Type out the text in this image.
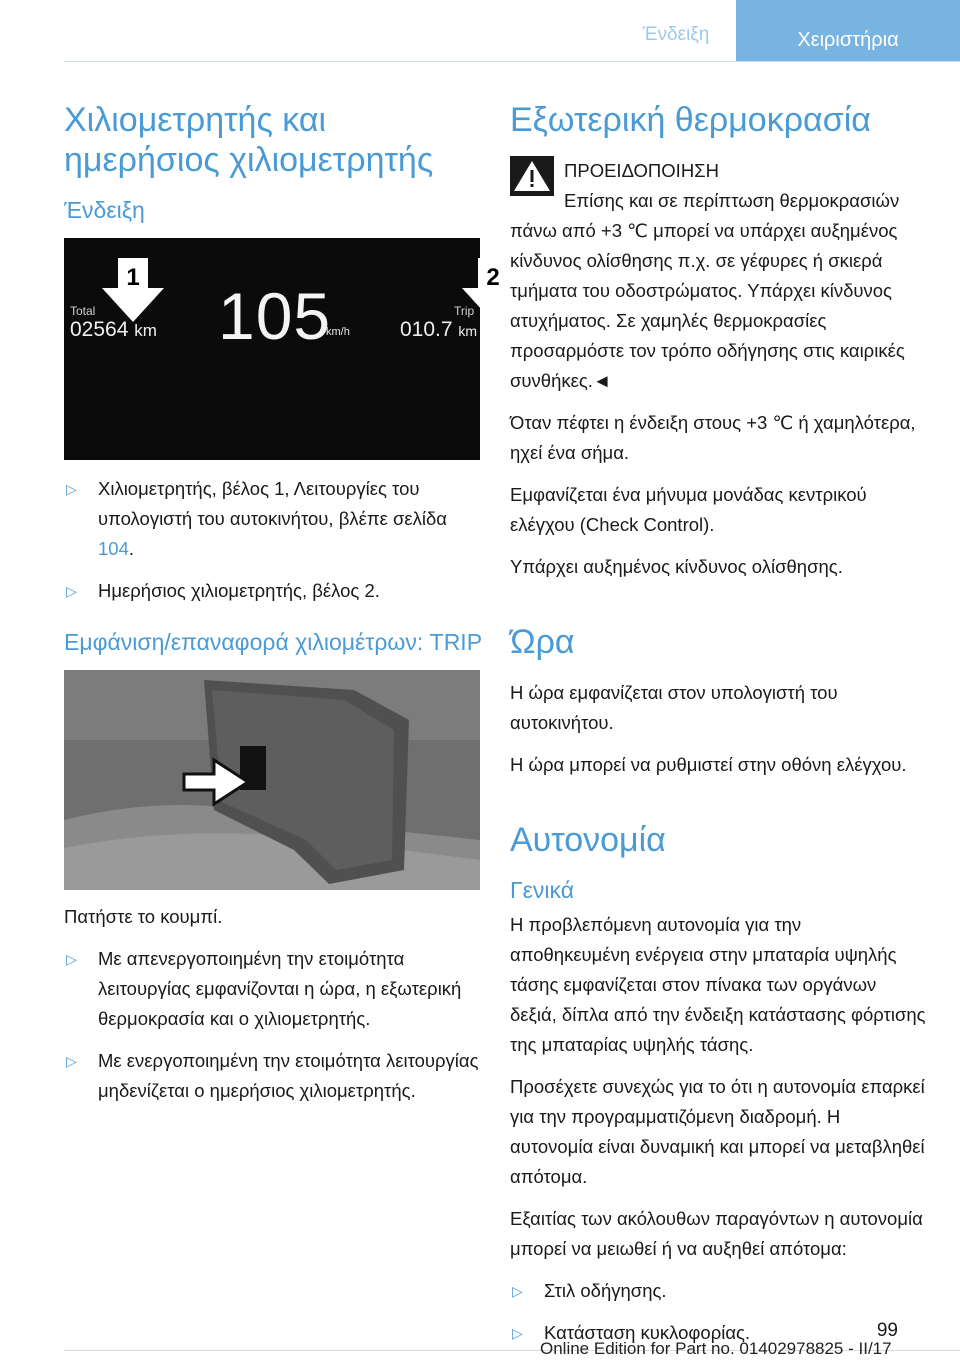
Ένδειξη	Χειριστήρια
Χιλιομετρητής και ημερήσιος χιλιομετρητής
Ένδειξη
1	2
Total
02564 km 105
km/h
Trip
010.7 km
▷ Χιλιομετρητής, βέλος 1, Λειτουργίες του υπολογιστή του αυτοκινήτου, βλέπε σελίδα 104.
▷ Ημερήσιος χιλιομετρητής, βέλος 2.
Εμφάνιση/επαναφορά χιλιομέτρων: TRIP

Πατήστε το κουμπί.

▷ Με απενεργοποιημένη την ετοιμότητα λειτουργίας εμφανίζονται η ώρα, η εξωτερική θερμοκρασία και ο χιλιομετρητής.
▷ Με ενεργοποιημένη την ετοιμότητα λειτουργίας μηδενίζεται ο ημερήσιος χιλιομετρητής.
Εξωτερική θερμοκρασία
ΠΡΟΕΙΔΟΠΟΙΗΣΗ
Επίσης και σε περίπτωση θερμοκρασιών
πάνω από +3 ℃ μπορεί να υπάρχει αυξημένος κίνδυνος ολίσθησης π.χ. σε γέφυρες ή σκιερά τμήματα του οδοστρώματος. Υπάρχει κίνδυνος ατυχήματος. Σε χαμηλές θερμοκρασίες προσαρμόστε τον τρόπο οδήγησης στις καιρικές συνθήκες.◄

Όταν πέφτει η ένδειξη στους +3 ℃ ή χαμηλότερα, ηχεί ένα σήμα.

Εμφανίζεται ένα μήνυμα μονάδας κεντρικού ελέγχου (Check Control).

Υπάρχει αυξημένος κίνδυνος ολίσθησης.

Ώρα

Η ώρα εμφανίζεται στον υπολογιστή του αυτοκινήτου.

Η ώρα μπορεί να ρυθμιστεί στην οθόνη ελέγχου.

Αυτονομία
Γενικά

Η προβλεπόμενη αυτονομία για την αποθηκευμένη ενέργεια στην μπαταρία υψηλής τάσης εμφανίζεται στον πίνακα των οργάνων δεξιά, δίπλα από την ένδειξη κατάστασης φόρτισης της μπαταρίας υψηλής τάσης.

Προσέχετε συνεχώς για το ότι η αυτονομία επαρκεί για την προγραμματιζόμενη διαδρομή. Η αυτονομία είναι δυναμική και μπορεί να μεταβληθεί απότομα.

Εξαιτίας των ακόλουθων παραγόντων η αυτονομία μπορεί να μειωθεί ή να αυξηθεί απότομα:

▷ Στιλ οδήγησης.
▷ Κατάσταση κυκλοφορίας.	99
Online Edition for Part no. 01402978825 - II/17
